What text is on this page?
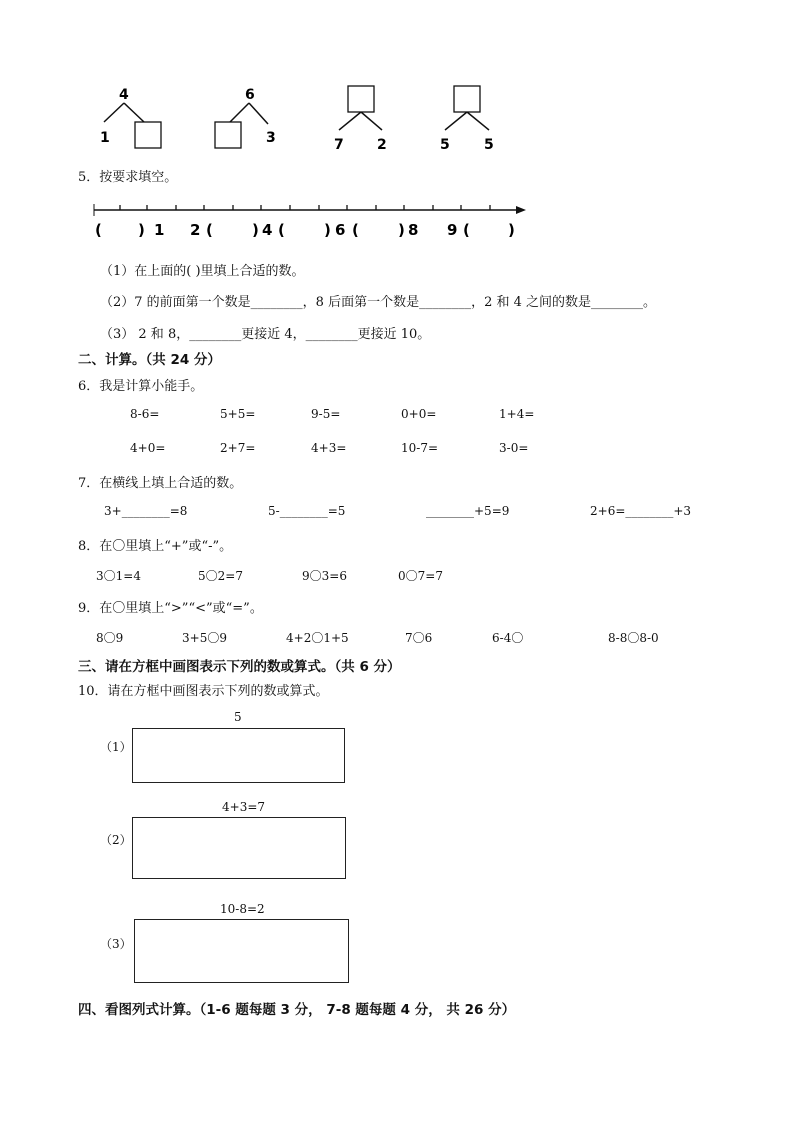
4
1
6
3	7 2	5 5
5．按要求填空。
( ) 1 2 (	) 4 (	) 6 (	) 8 9 (	)
（1）在上面的( )里填上合适的数。
（2）7 的前面第一个数是________，8 后面第一个数是________，2 和 4 之间的数是________。
（3） 2 和 8，________更接近 4，________更接近 10。
二、计算。（共 24 分）
6．我是计算小能手。
8-6=	5+5=	9-5=	0+0=	1+4=
4+0=	2+7=	4+3=	10-7=	3-0=
7．在横线上填上合适的数。
3+________=8	5-________=5	________+5=9	2+6=________+3
8．在〇里填上“+”或“-”。
3〇1=4	5〇2=7	9〇3=6	0〇7=7
9．在〇里填上“>”“<”或“=”。
8〇9	3+5〇9	4+2〇1+5	7〇6	6-4〇	8-8〇8-0
三、请在方框中画图表示下列的数或算式。（共 6 分）
10．请在方框中画图表示下列的数或算式。
5
（1）
4+3=7
（2）
10-8=2
（3）
四、看图列式计算。（1-6 题每题 3 分， 7-8 题每题 4 分， 共 26 分）
